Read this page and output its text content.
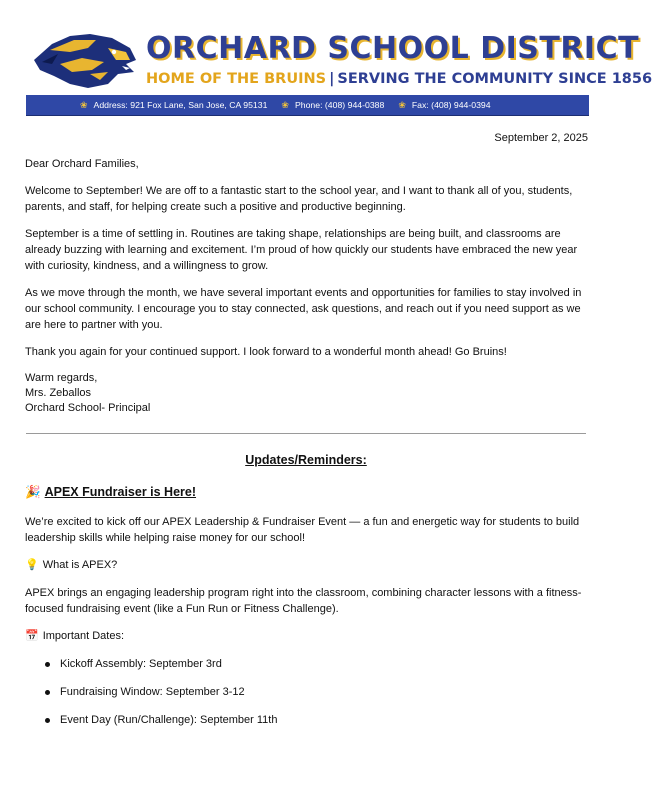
ORCHARD SCHOOL DISTRICT
HOME OF THE BRUINS | SERVING THE COMMUNITY SINCE 1856
❀ Address: 921 Fox Lane, San Jose, CA 95131 ❀ Phone: (408) 944-0388 ❀ Fax: (408) 944-0394
September 2, 2025

Dear Orchard Families,

Welcome to September! We are off to a fantastic start to the school year, and I want to thank all of you, students, parents, and staff, for helping create such a positive and productive beginning.

September is a time of settling in. Routines are taking shape, relationships are being built, and classrooms are already buzzing with learning and excitement. I’m proud of how quickly our students have embraced the new year with curiosity, kindness, and a willingness to grow.

As we move through the month, we have several important events and opportunities for families to stay involved in our school community. I encourage you to stay connected, ask questions, and reach out if you need support as we are here to partner with you.

Thank you again for your continued support. I look forward to a wonderful month ahead! Go Bruins!

Warm regards,
Mrs. Zeballos
Orchard School- Principal
Updates/Reminders:
🎉 APEX Fundraiser is Here!

We’re excited to kick off our APEX Leadership & Fundraiser Event — a fun and energetic way for students to build leadership skills while helping raise money for our school!

💡 What is APEX?

APEX brings an engaging leadership program right into the classroom, combining character lessons with a fitness-focused fundraising event (like a Fun Run or Fitness Challenge).

📅 Important Dates:
Kickoff Assembly: September 3rd
Fundraising Window: September 3-12
Event Day (Run/Challenge): September 11th
